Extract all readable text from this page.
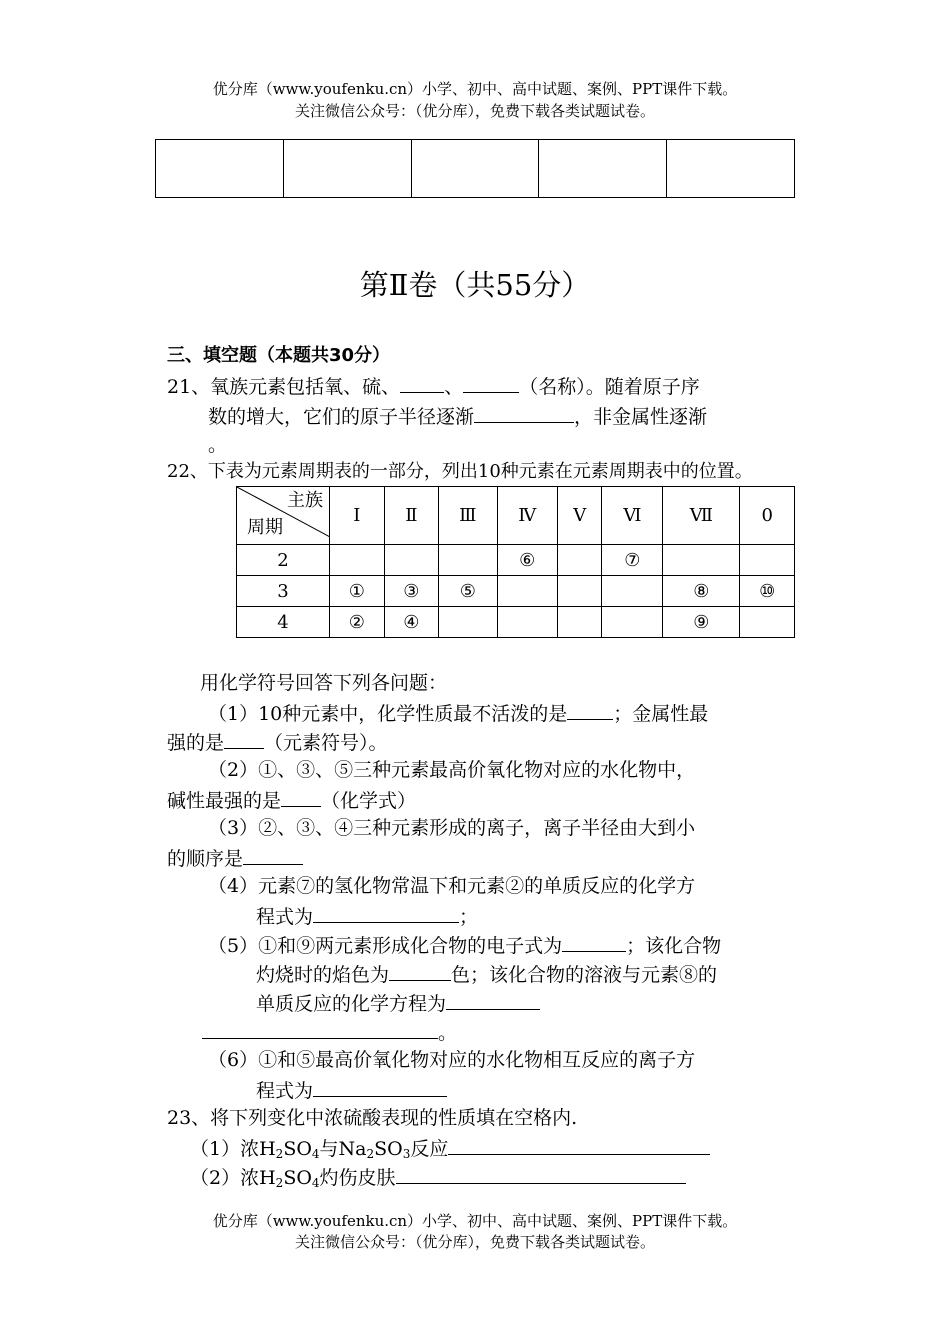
优分库（www.youfenku.cn）小学、初中、高中试题、案例、PPT课件下载。
关注微信公众号：（优分库），免费下载各类试题试卷。

第Ⅱ卷（共55分）
三、填空题（本题共30分）
21、氧族元素包括氧、硫、 、	（名称）。随着原子序
数的增大，它们的原子半径逐渐	，非金属性逐渐
。
22、下表为元素周期表的一部分，列出10种元素在元素周期表中的位置。
主族
周期	Ⅰ	Ⅱ	Ⅲ	Ⅳ	Ⅴ	Ⅵ	Ⅶ	0
2				⑥		⑦		
3	①	③	⑤				⑧	⑩
4	②	④					⑨	
用化学符号回答下列各问题：
（1）10种元素中，化学性质最不活泼的是 ；金属性最
强的是 （元素符号）。
（2）①、③、⑤三种元素最高价氧化物对应的水化物中，
碱性最强的是 （化学式）
（3）②、③、④三种元素形成的离子，离子半径由大到小
的顺序是
（4）元素⑦的氢化物常温下和元素②的单质反应的化学方
程式为	；
（5）①和⑨两元素形成化合物的电子式为	；该化合物
灼烧时的焰色为	色；该化合物的溶液与元素⑧的
单质反应的化学方程为
。
（6）①和⑤最高价氧化物对应的水化物相互反应的离子方
程式为
23、将下列变化中浓硫酸表现的性质填在空格内.
（1）浓$H_2SO_4$与$Na_2SO_3$反应
（2）浓$H_2SO_4$灼伤皮肤
优分库（www.youfenku.cn）小学、初中、高中试题、案例、PPT课件下载。
关注微信公众号：（优分库），免费下载各类试题试卷。
